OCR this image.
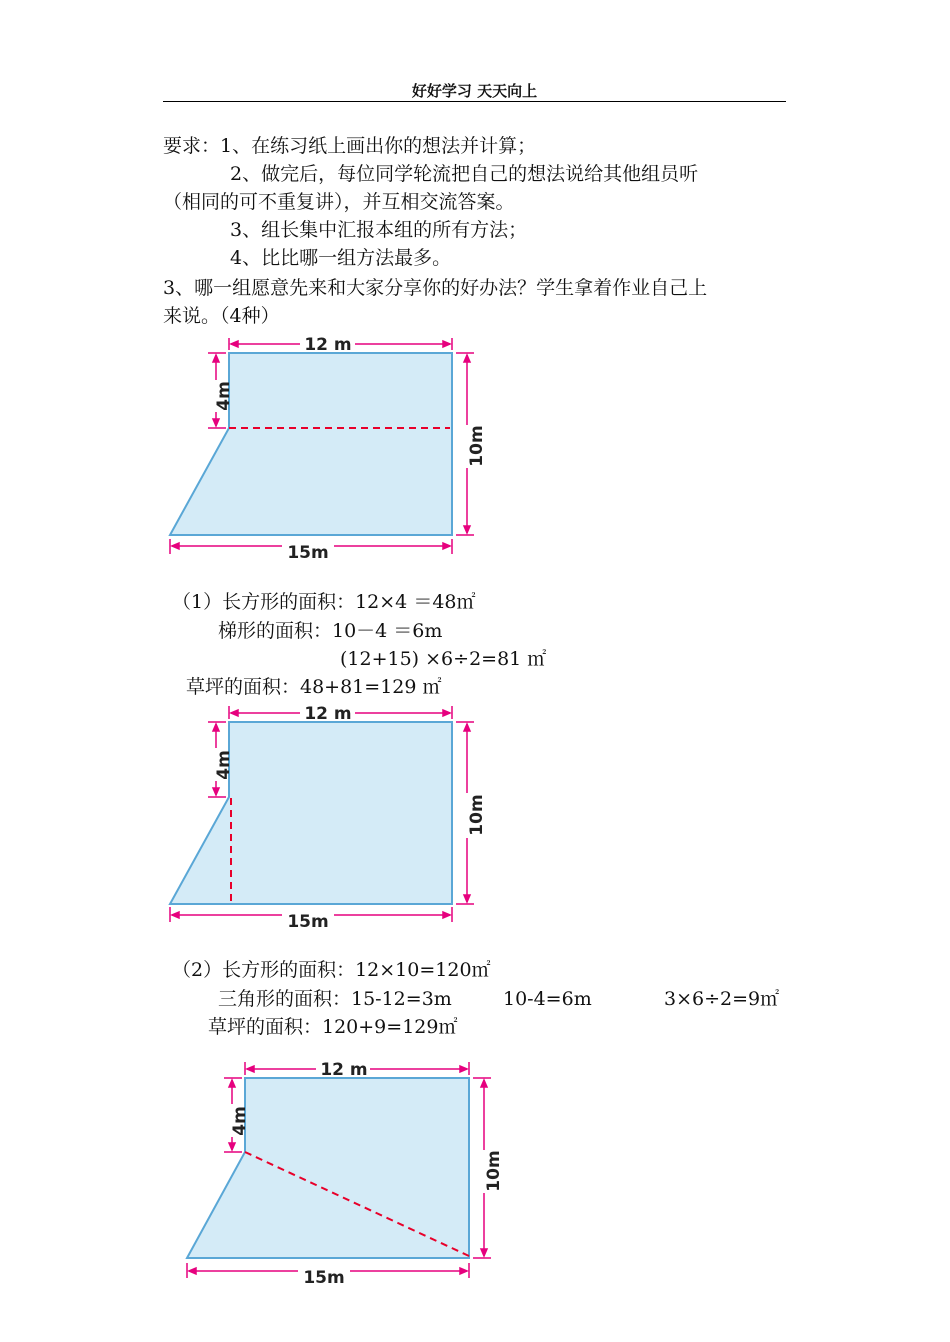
好好学习 天天向上
要求：1、在练习纸上画出你的想法并计算；
2、做完后，每位同学轮流把自己的想法说给其他组员听
（相同的可不重复讲），并互相交流答案。
3、组长集中汇报本组的所有方法；
4、比比哪一组方法最多。
3、哪一组愿意先来和大家分享你的好办法？学生拿着作业自己上
来说。（4种）
12 m
15m
4m
10m
（1）长方形的面积：12×4 ＝48㎡
梯形的面积：10－4 ＝6m
(12+15) ×6÷2=81 ㎡
草坪的面积：48+81=129 ㎡
12 m
15m
4m
10m
（2）长方形的面积：12×10=120㎡
三角形的面积：15-12=3m	10-4=6m	3×6÷2=9㎡
草坪的面积：120+9=129㎡
12 m
15m
4m
10m
